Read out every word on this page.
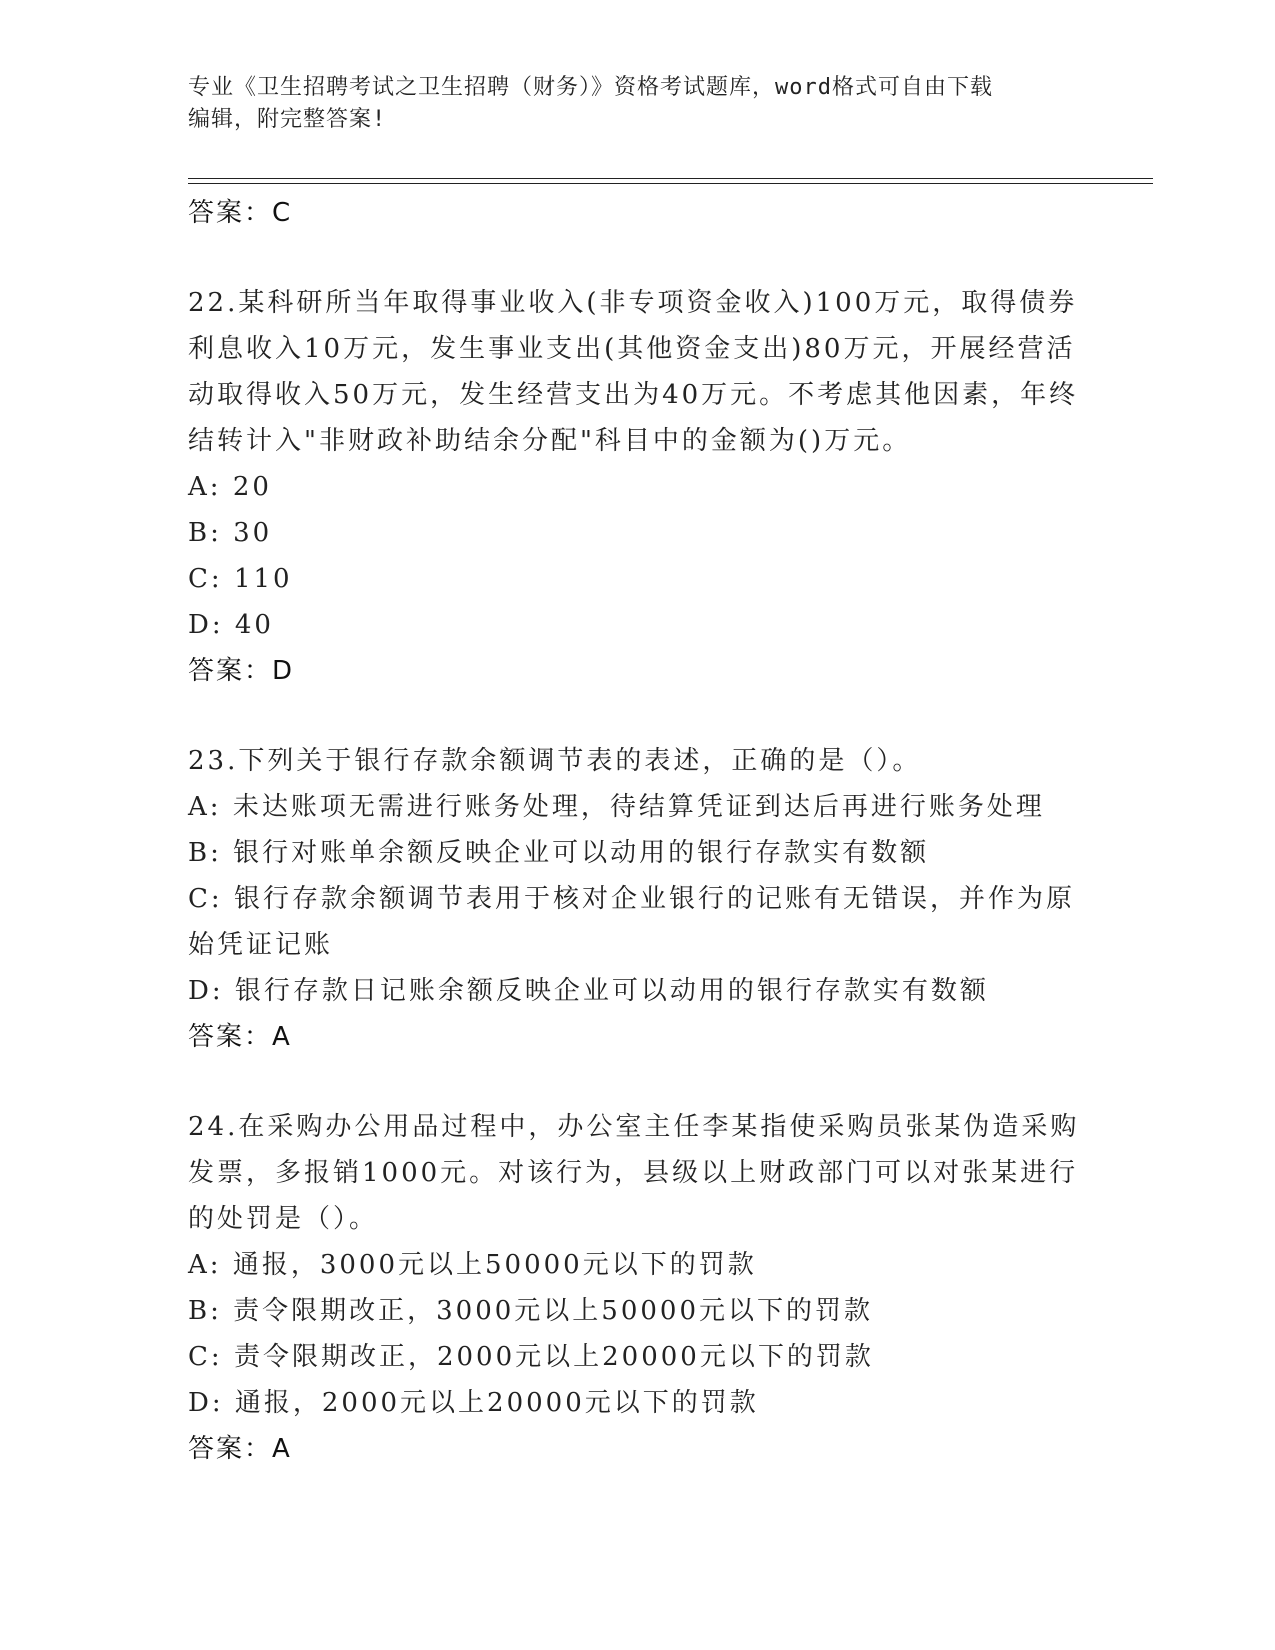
专业《卫生招聘考试之卫生招聘（财务）》资格考试题库，word格式可自由下载
编辑，附完整答案!
答案：C
22.某科研所当年取得事业收入(非专项资金收入)100万元，取得债券利息收入10万元，发生事业支出(其他资金支出)80万元，开展经营活动取得收入50万元，发生经营支出为40万元。不考虑其他因素，年终结转计入"非财政补助结余分配"科目中的金额为()万元。
A: 20
B: 30
C: 110
D: 40
答案：D
23.下列关于银行存款余额调节表的表述，正确的是（）。
A: 未达账项无需进行账务处理，待结算凭证到达后再进行账务处理
B: 银行对账单余额反映企业可以动用的银行存款实有数额
C: 银行存款余额调节表用于核对企业银行的记账有无错误，并作为原始凭证记账
D: 银行存款日记账余额反映企业可以动用的银行存款实有数额
答案：A
24.在采购办公用品过程中，办公室主任李某指使采购员张某伪造采购发票，多报销1000元。对该行为，县级以上财政部门可以对张某进行的处罚是（）。
A: 通报，3000元以上50000元以下的罚款
B: 责令限期改正，3000元以上50000元以下的罚款
C: 责令限期改正，2000元以上20000元以下的罚款
D: 通报，2000元以上20000元以下的罚款
答案：A
